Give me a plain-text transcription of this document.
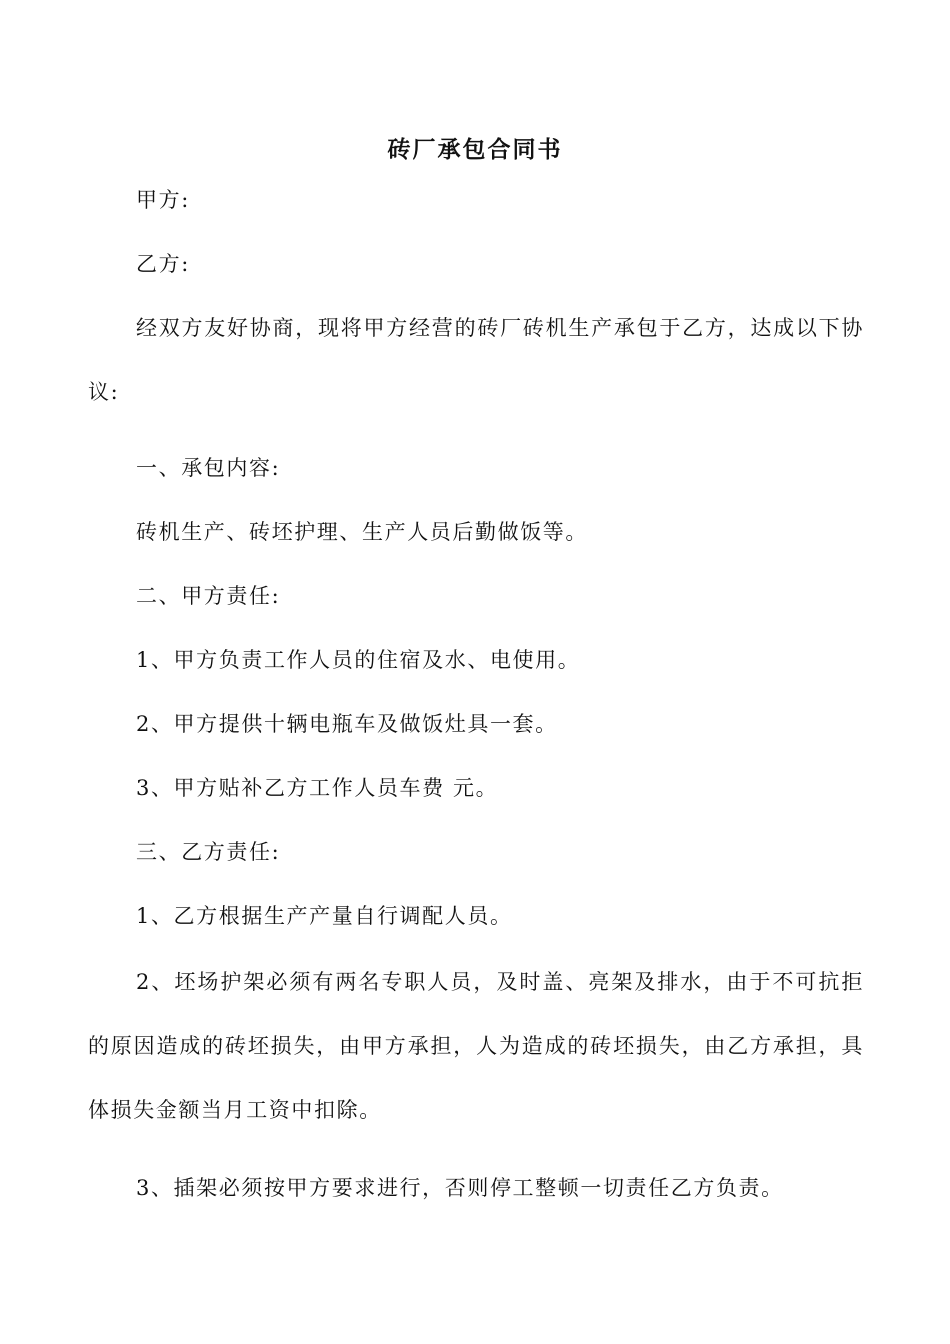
砖厂承包合同书
甲方:
乙方:
经双方友好协商，现将甲方经营的砖厂砖机生产承包于乙方，达成以下协议:
一、承包内容:
砖机生产、砖坯护理、生产人员后勤做饭等。
二、甲方责任:
1、甲方负责工作人员的住宿及水、电使用。
2、甲方提供十辆电瓶车及做饭灶具一套。
3、甲方贴补乙方工作人员车费 元。
三、乙方责任:
1、乙方根据生产产量自行调配人员。
2、坯场护架必须有两名专职人员，及时盖、亮架及排水，由于不可抗拒的原因造成的砖坯损失，由甲方承担，人为造成的砖坯损失，由乙方承担，具体损失金额当月工资中扣除。
3、插架必须按甲方要求进行，否则停工整顿一切责任乙方负责。
